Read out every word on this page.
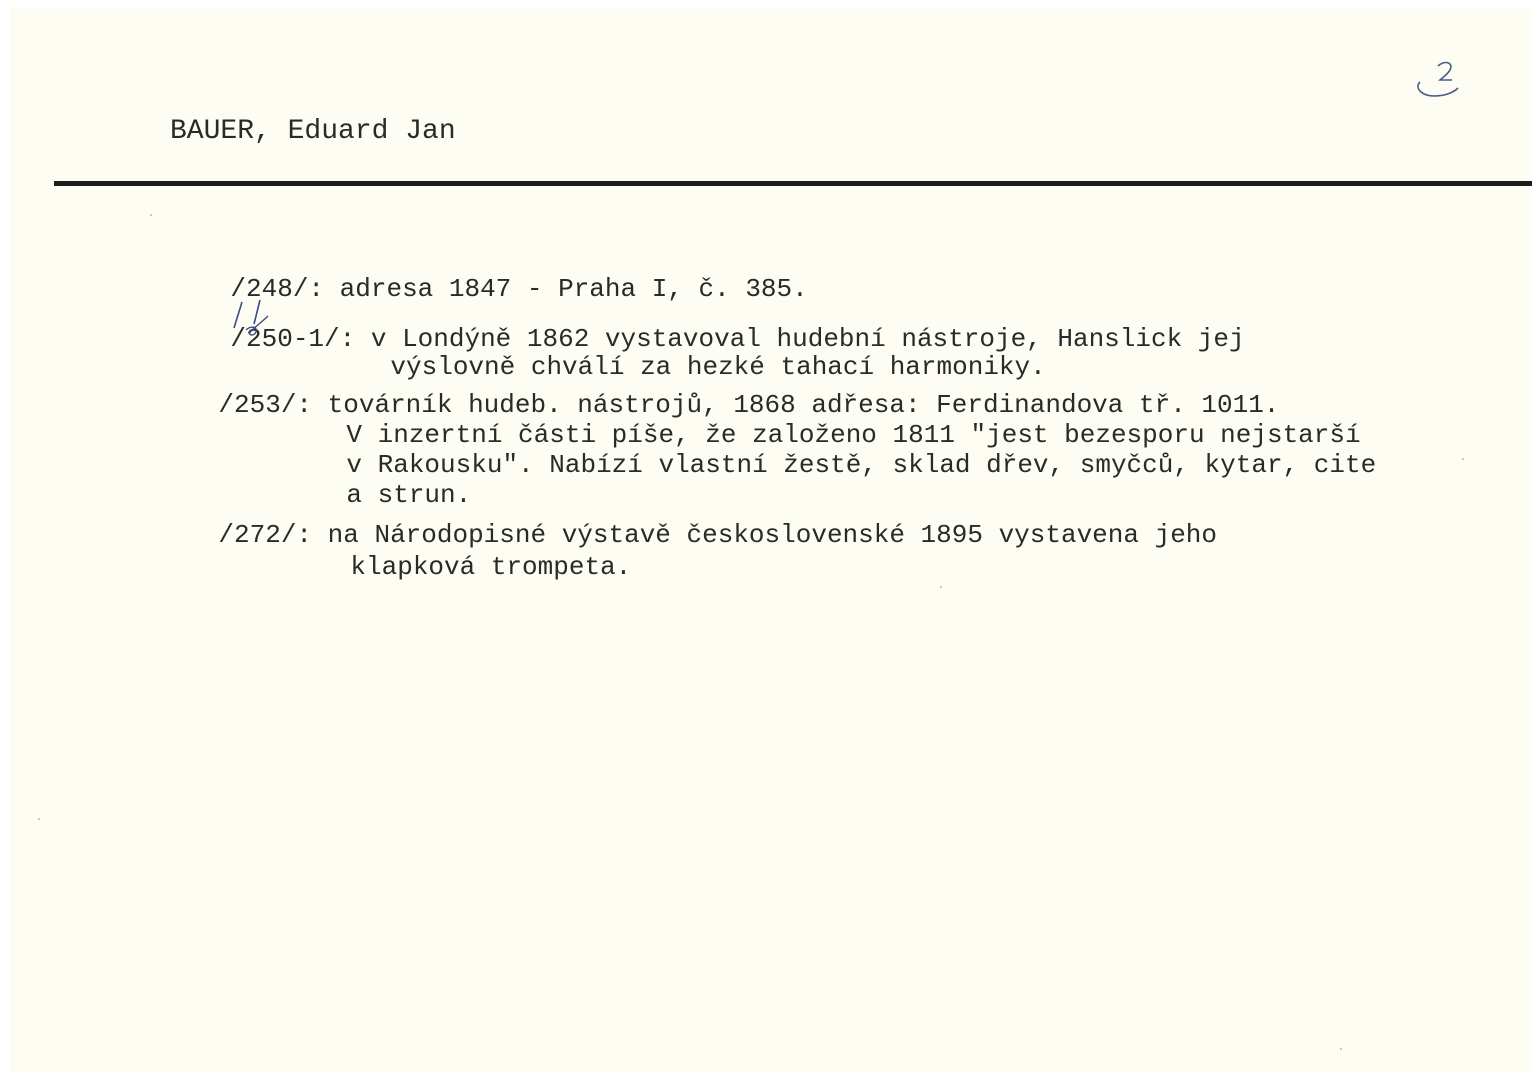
BAUER, Eduard Jan

/248/: adresa 1847 - Praha I, č. 385.

/250-1/: v Londýně 1862 vystavoval hudební nástroje, Hanslick jej

výslovně chválí za hezké tahací harmoniky.

/253/: továrník hudeb. nástrojů, 1868 adřesa: Ferdinandova tř. 1011.

V inzertní části píše, že založeno 1811 "jest bezesporu nejstarší

v Rakousku". Nabízí vlastní žestě, sklad dřev, smyčců, kytar, cite

a strun.

/272/: na Národopisné výstavě československé 1895 vystavena jeho

klapková trompeta.
